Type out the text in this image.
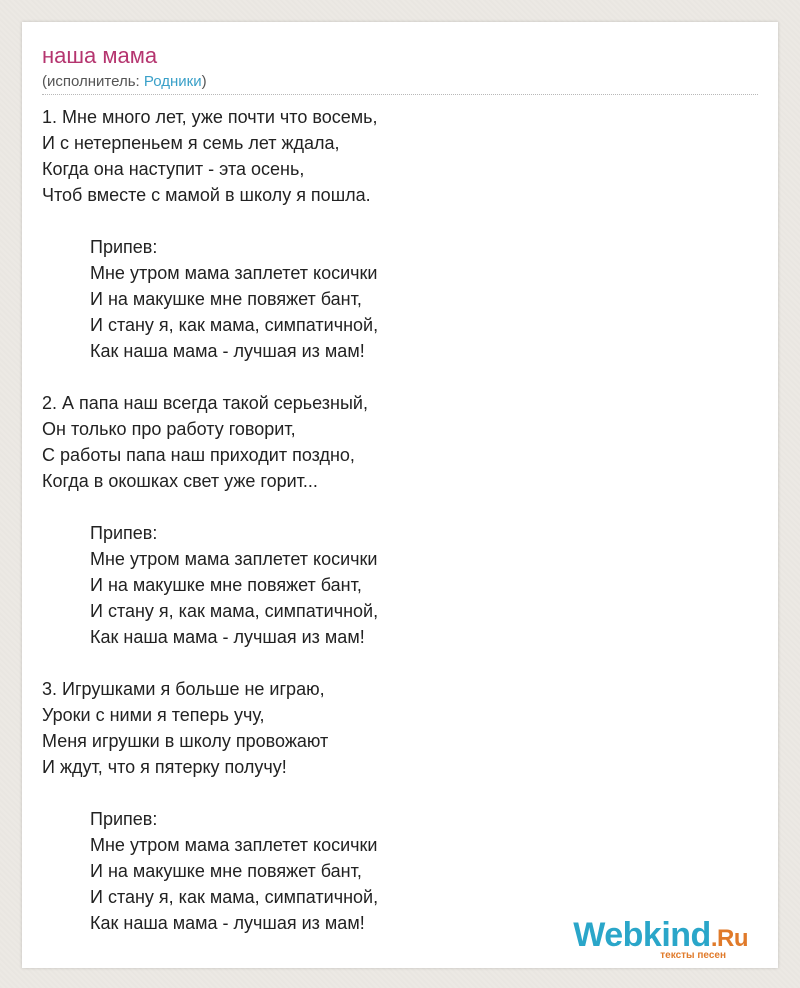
наша мама
(исполнитель: Родники)
1. Мне много лет, уже почти что восемь,
И с нетерпеньем я семь лет ждала,
Когда она наступит - эта осень,
Чтоб вместе с мамой в школу я пошла.
Припев:
Мне утром мама заплетет косички
И на макушке мне повяжет бант,
И стану я, как мама, симпатичной,
Как наша мама - лучшая из мам!
2. А папа наш всегда такой серьезный,
Он только про работу говорит,
С работы папа наш приходит поздно,
Когда в окошках свет уже горит...
Припев:
Мне утром мама заплетет косички
И на макушке мне повяжет бант,
И стану я, как мама, симпатичной,
Как наша мама - лучшая из мам!
3. Игрушками я больше не играю,
Уроки с ними я теперь учу,
Меня игрушки в школу провожают
И ждут, что я пятерку получу!
Припев:
Мне утром мама заплетет косички
И на макушке мне повяжет бант,
И стану я, как мама, симпатичной,
Как наша мама - лучшая из мам!	Webkind.Ru
тексты песен
